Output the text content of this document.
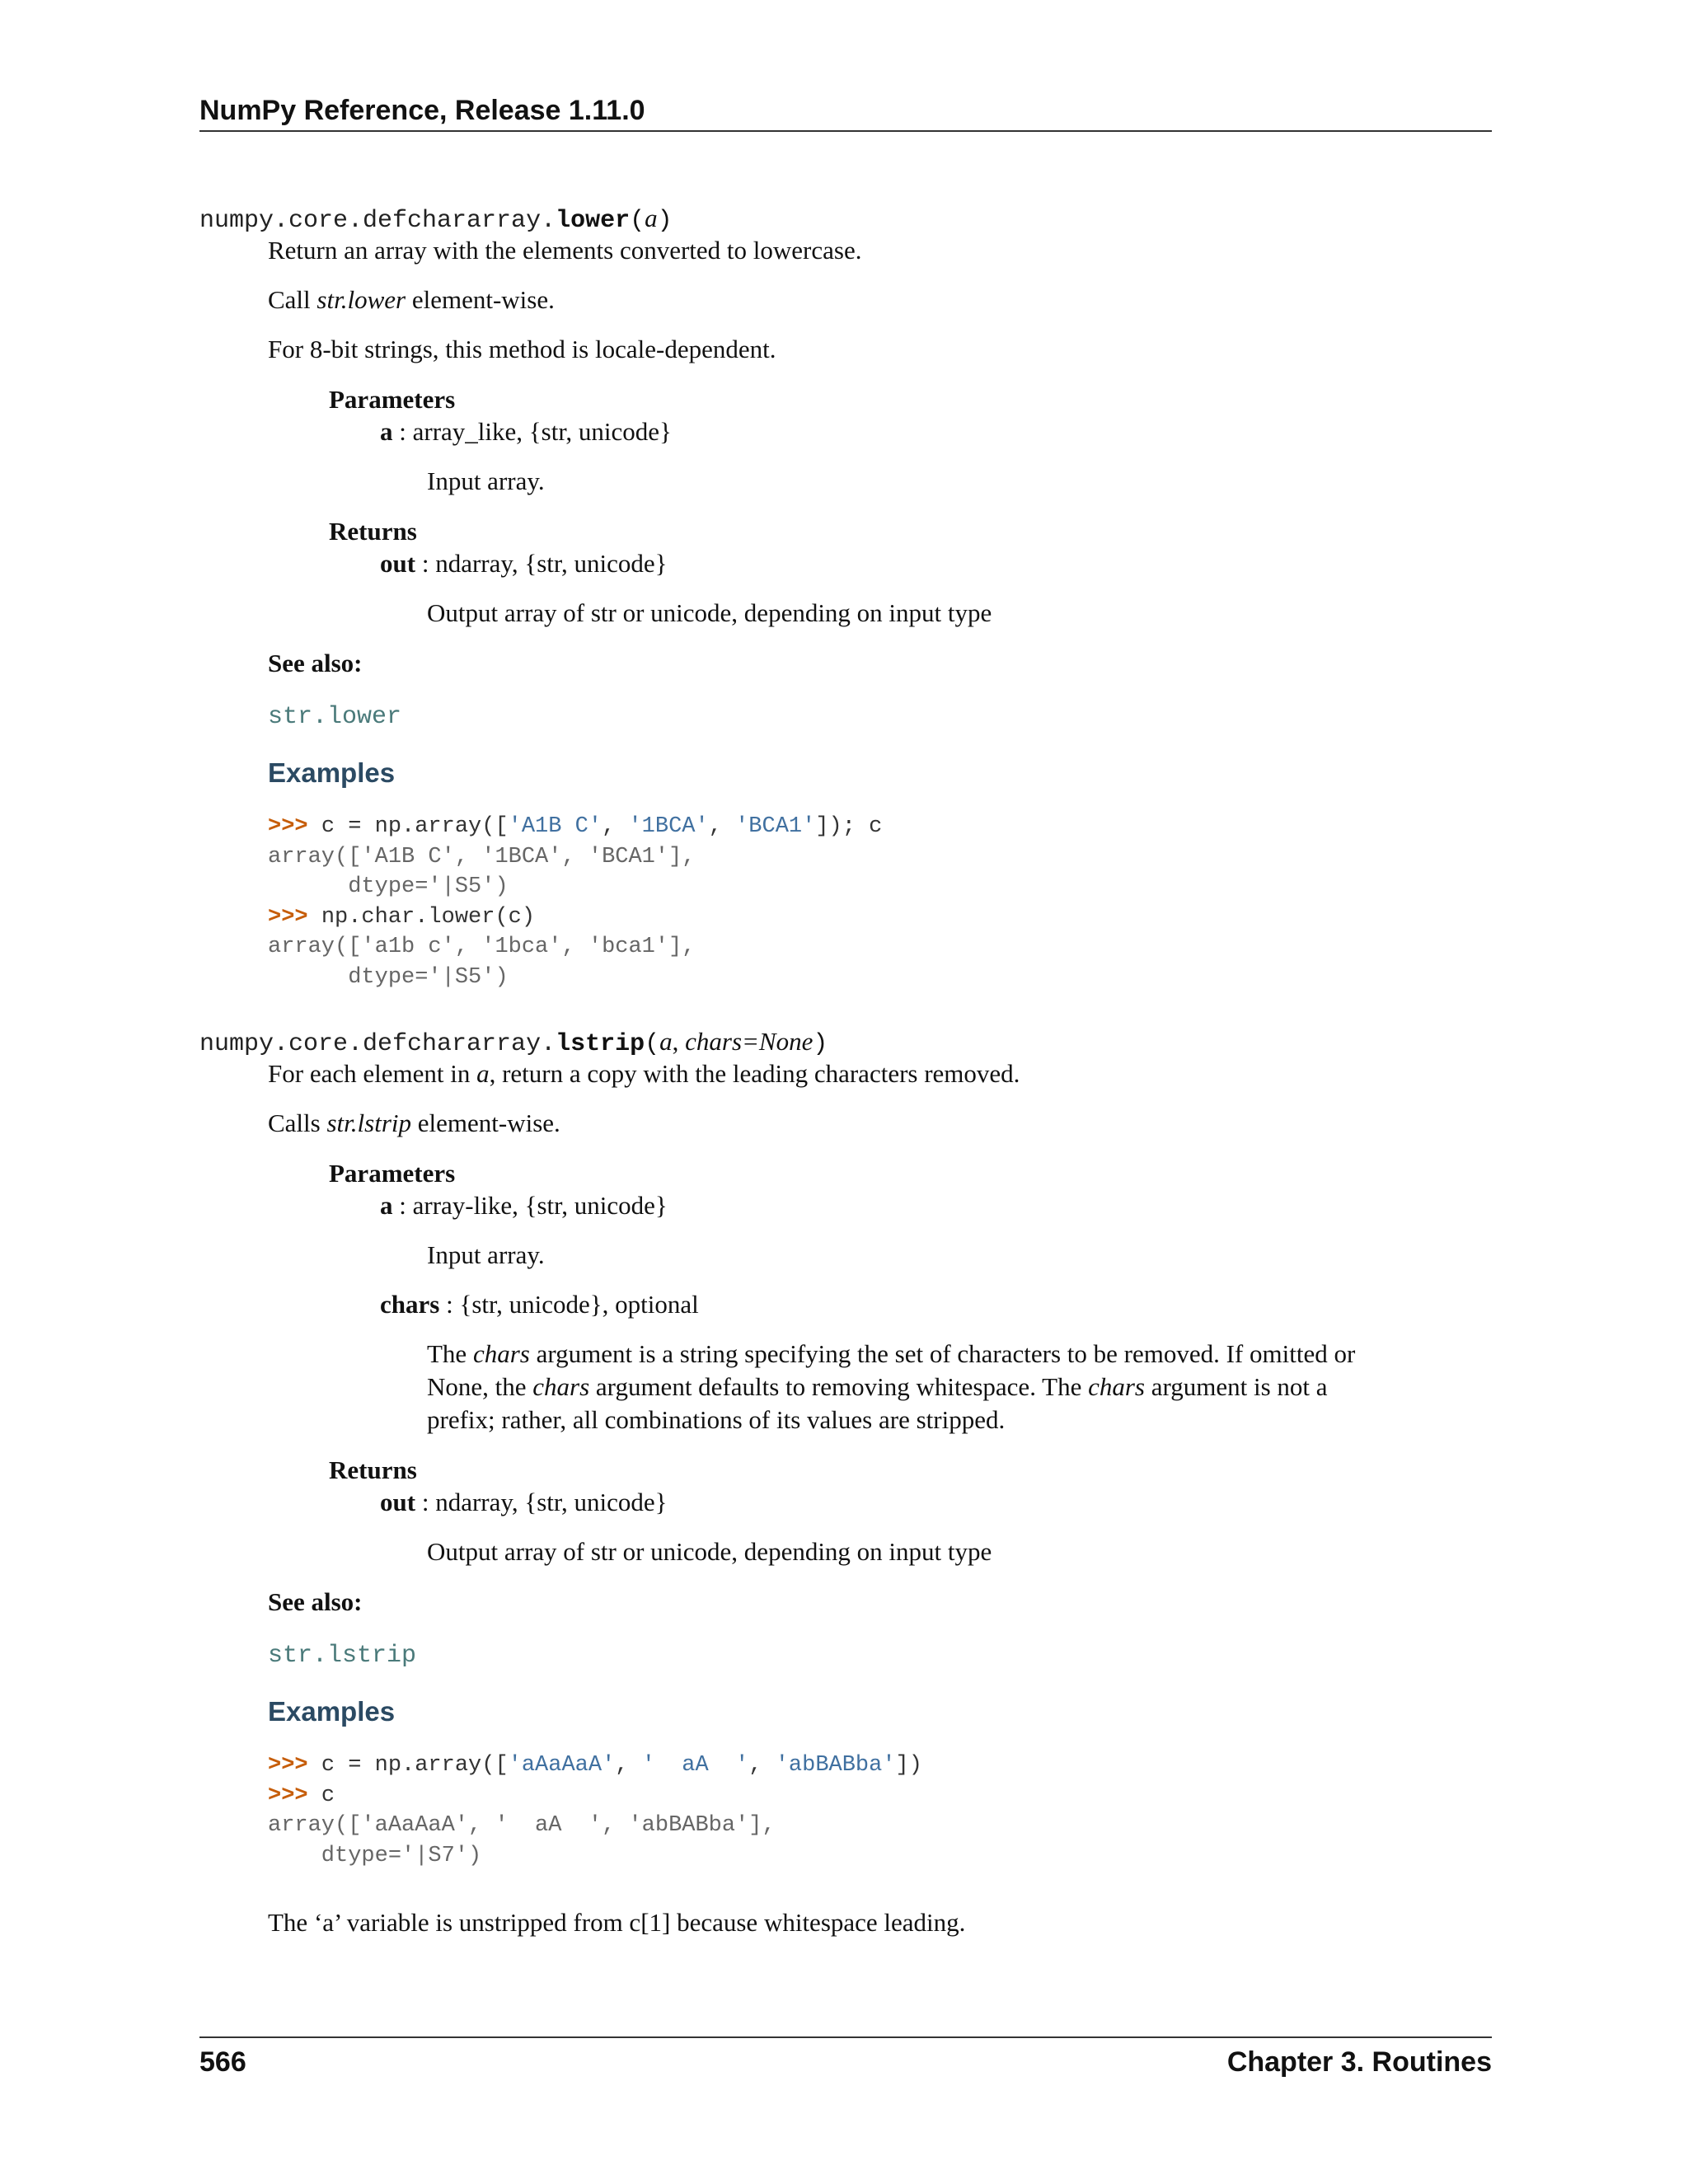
NumPy Reference, Release 1.11.0
numpy.core.defchararray.lower(a)
Return an array with the elements converted to lowercase.
Call str.lower element-wise.
For 8-bit strings, this method is locale-dependent.
Parameters
a : array_like, {str, unicode}
Input array.
Returns
out : ndarray, {str, unicode}
Output array of str or unicode, depending on input type
See also:
str.lower
Examples
>>> c = np.array(['A1B C', '1BCA', 'BCA1']); c
array(['A1B C', '1BCA', 'BCA1'],
dtype='|S5')
>>> np.char.lower(c)
array(['a1b c', '1bca', 'bca1'],
dtype='|S5')
numpy.core.defchararray.lstrip(a, chars=None)
For each element in a, return a copy with the leading characters removed.
Calls str.lstrip element-wise.
Parameters
a : array-like, {str, unicode}
Input array.
chars : {str, unicode}, optional
The chars argument is a string specifying the set of characters to be removed. If omitted or None, the chars argument defaults to removing whitespace. The chars argument is not a prefix; rather, all combinations of its values are stripped.
Returns
out : ndarray, {str, unicode}
Output array of str or unicode, depending on input type
See also:
str.lstrip
Examples
>>> c = np.array(['aAaAaA', '  aA  ', 'abBABba'])
>>> c
array(['aAaAaA', '  aA  ', 'abBABba'],
dtype='|S7')
The ‘a’ variable is unstripped from c[1] because whitespace leading.
566	Chapter 3. Routines
